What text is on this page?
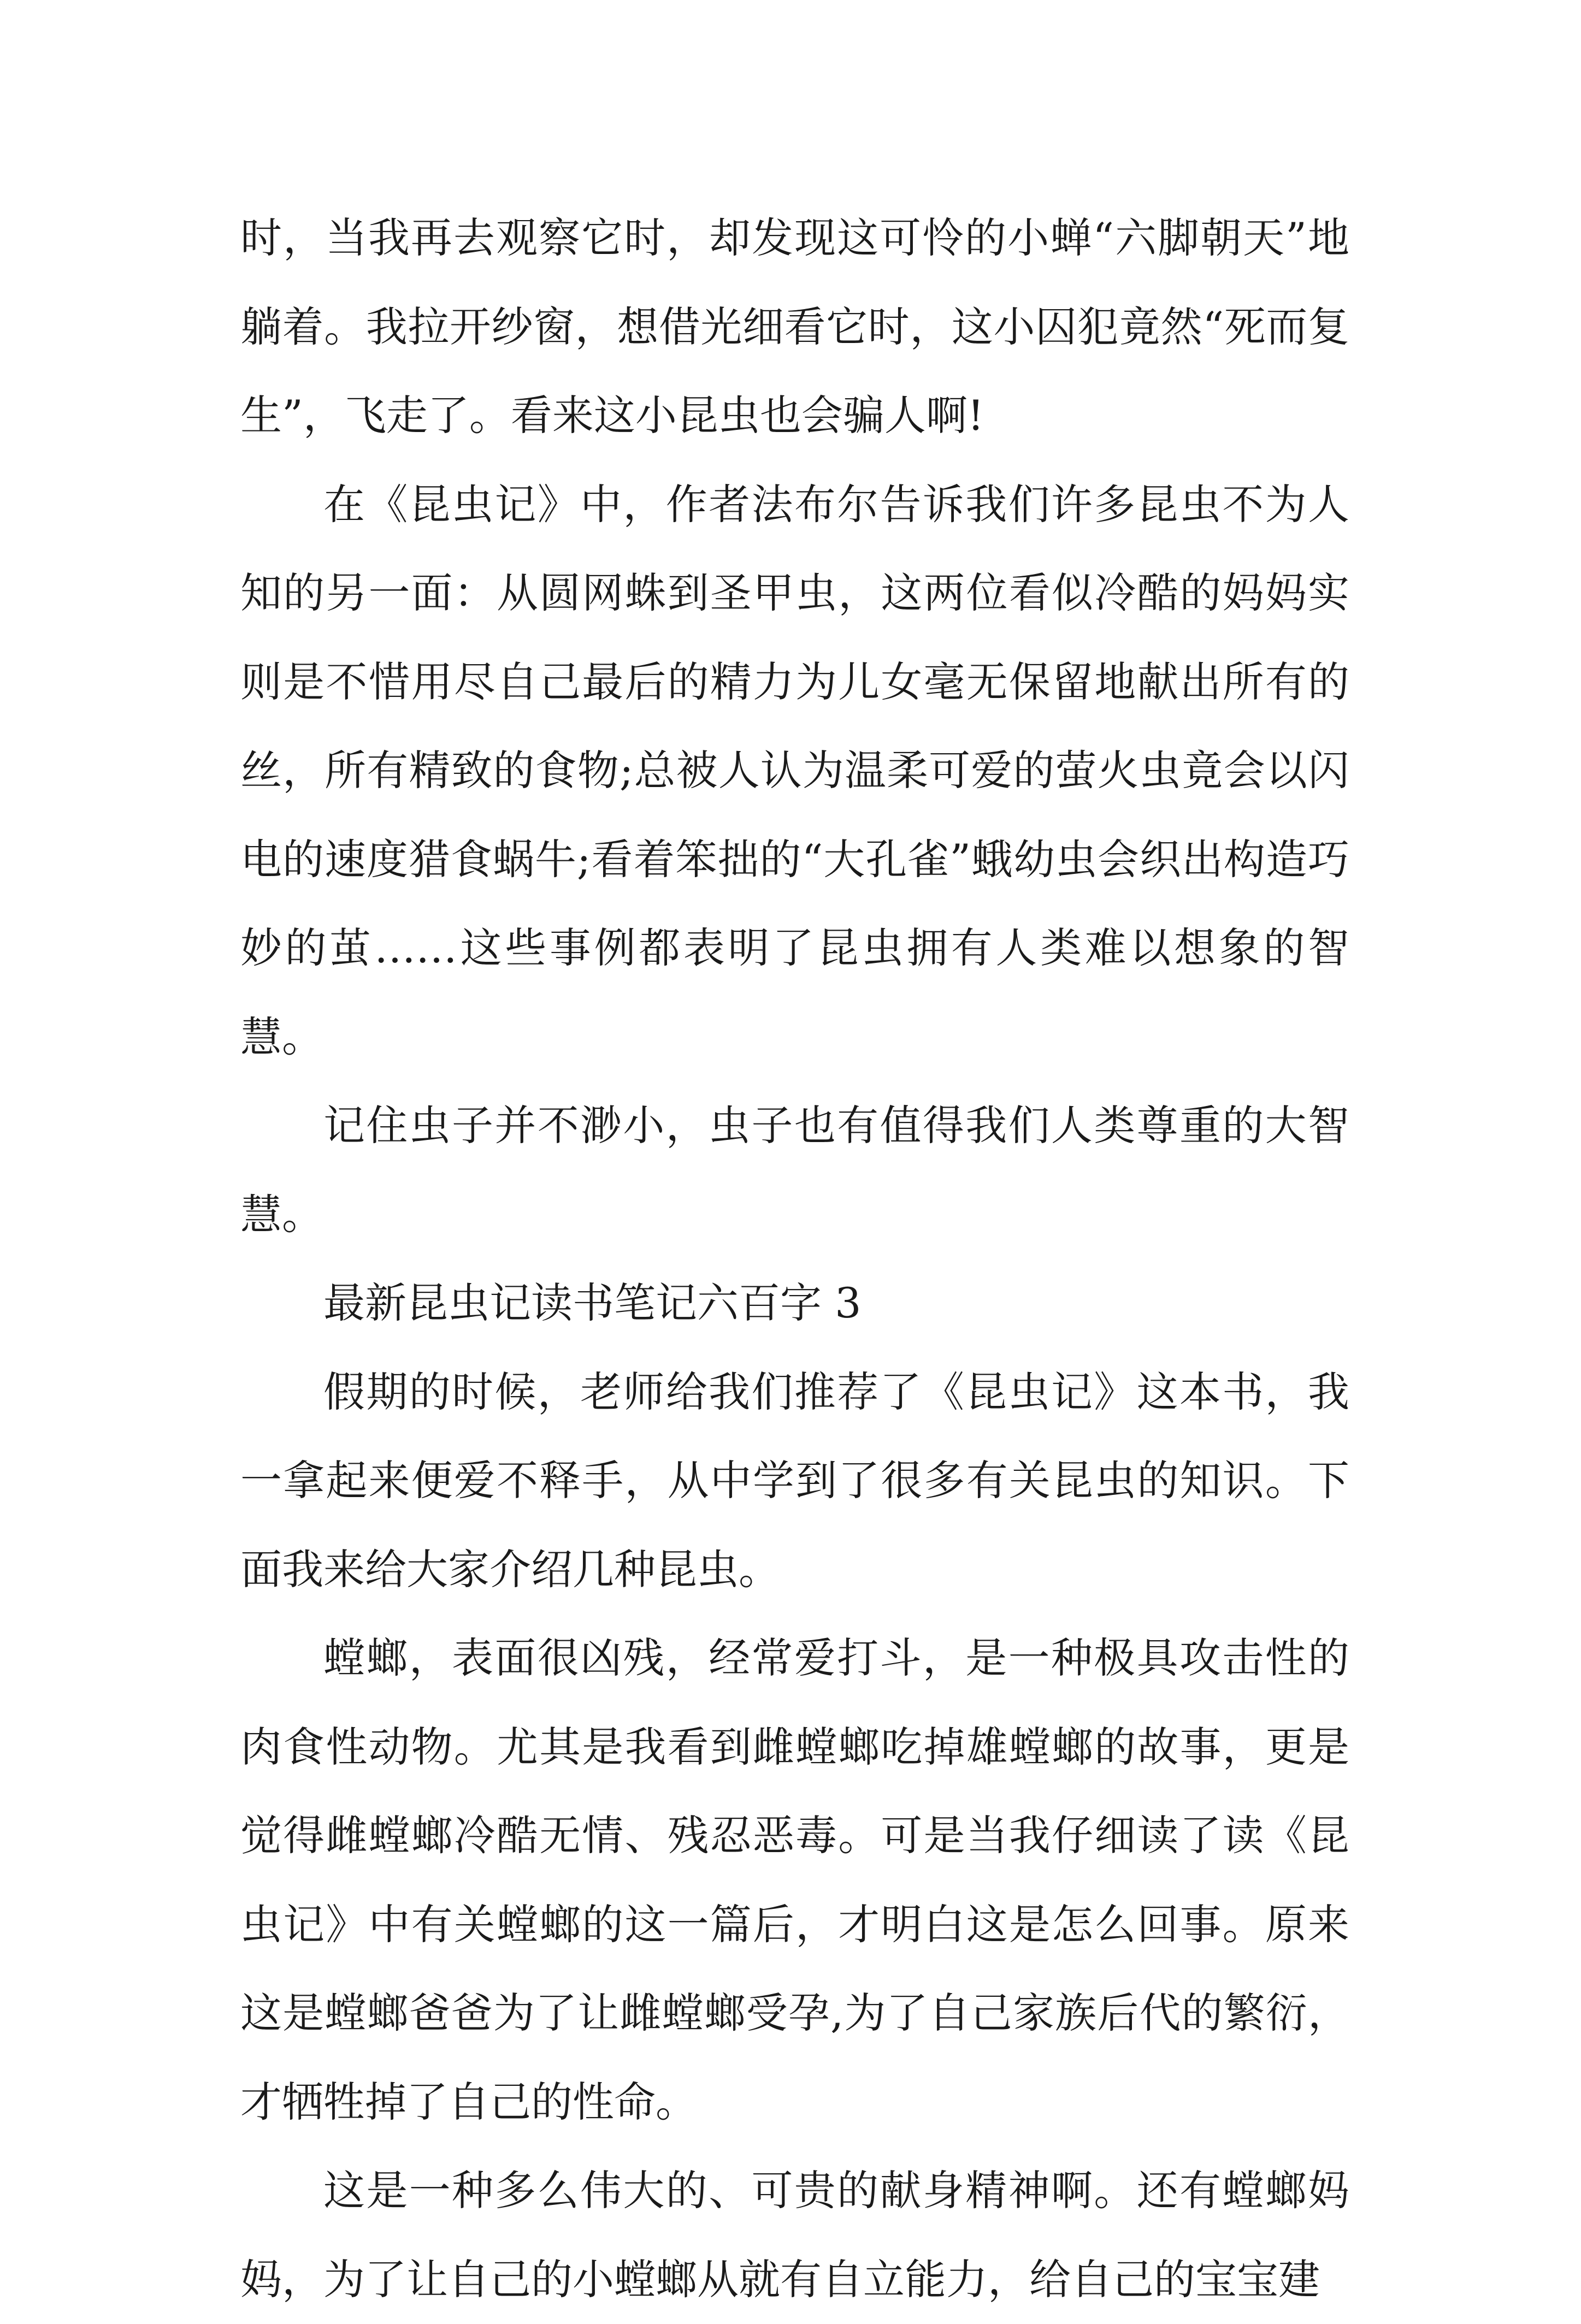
时，当我再去观察它时，却发现这可怜的小蝉“六脚朝天”地躺着。我拉开纱窗，想借光细看它时，这小囚犯竟然“死而复生”，飞走了。看来这小昆虫也会骗人啊!

在《昆虫记》中，作者法布尔告诉我们许多昆虫不为人知的另一面：从圆网蛛到圣甲虫，这两位看似冷酷的妈妈实则是不惜用尽自己最后的精力为儿女毫无保留地献出所有的丝，所有精致的食物;总被人认为温柔可爱的萤火虫竟会以闪电的速度猎食蜗牛;看着笨拙的“大孔雀”蛾幼虫会织出构造巧妙的茧……这些事例都表明了昆虫拥有人类难以想象的智慧。

记住虫子并不渺小，虫子也有值得我们人类尊重的大智慧。

最新昆虫记读书笔记六百字 3

假期的时候，老师给我们推荐了《昆虫记》这本书，我一拿起来便爱不释手，从中学到了很多有关昆虫的知识。下面我来给大家介绍几种昆虫。

螳螂，表面很凶残，经常爱打斗，是一种极具攻击性的肉食性动物。尤其是我看到雌螳螂吃掉雄螳螂的故事，更是觉得雌螳螂冷酷无情、残忍恶毒。可是当我仔细读了读《昆虫记》中有关螳螂的这一篇后，才明白这是怎么回事。原来这是螳螂爸爸为了让雌螳螂受孕,为了自己家族后代的繁衍，才牺牲掉了自己的性命。

这是一种多么伟大的、可贵的献身精神啊。还有螳螂妈妈，为了让自己的小螳螂从就有自立能力，给自己的宝宝建
